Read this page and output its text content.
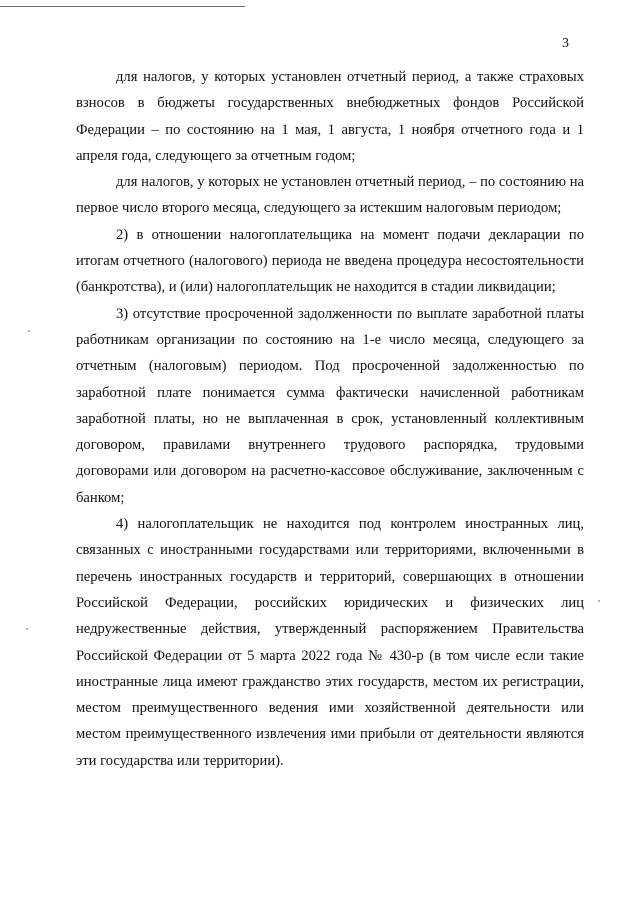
3

для налогов, у которых установлен отчетный период, а также страховых взносов в бюджеты государственных внебюджетных фондов Российской Федерации – по состоянию на 1 мая, 1 августа, 1 ноября отчетного года и 1 апреля года, следующего за отчетным годом;

для налогов, у которых не установлен отчетный период, – по состоянию на первое число второго месяца, следующего за истекшим налоговым периодом;

2) в отношении налогоплательщика на момент подачи декларации по итогам отчетного (налогового) периода не введена процедура несостоятельности (банкротства), и (или) налогоплательщик не находится в стадии ликвидации;

3) отсутствие просроченной задолженности по выплате заработной платы работникам организации по состоянию на 1-е число месяца, следующего за отчетным (налоговым) периодом. Под просроченной задолженностью по заработной плате понимается сумма фактически начисленной работникам заработной платы, но не выплаченная в срок, установленный коллективным договором, правилами внутреннего трудового распорядка, трудовыми договорами или договором на расчетно-кассовое обслуживание, заключенным с банком;

4) налогоплательщик не находится под контролем иностранных лиц, связанных с иностранными государствами или территориями, включенными в перечень иностранных государств и территорий, совершающих в отношении Российской Федерации, российских юридических и физических лиц недружественные действия, утвержденный распоряжением Правительства Российской Федерации от 5 марта 2022 года № 430-р (в том числе если такие иностранные лица имеют гражданство этих государств, местом их регистрации, местом преимущественного ведения ими хозяйственной деятельности или местом преимущественного извлечения ими прибыли от деятельности являются эти государства или территории).
